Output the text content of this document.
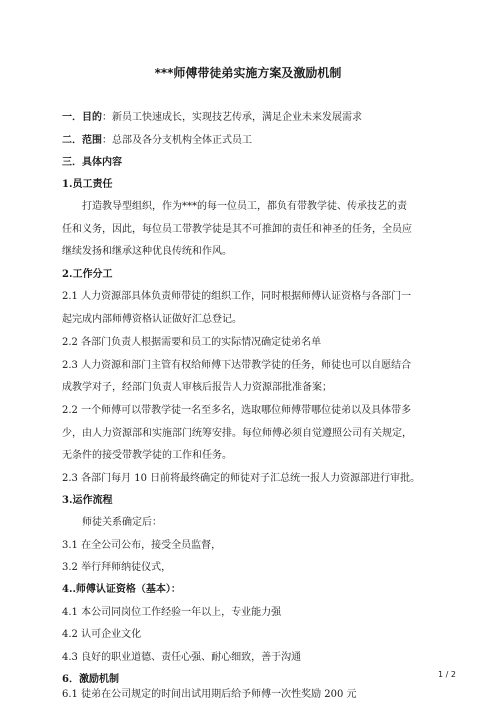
***师傅带徒弟实施方案及激励机制
一．目的：新员工快速成长，实现技艺传承，满足企业未来发展需求
二．范围：总部及各分支机构全体正式员工
三．具体内容
1.员工责任
打造教导型组织，作为***的每一位员工，都负有带教学徒、传承技艺的责
任和义务，因此，每位员工带教学徒是其不可推卸的责任和神圣的任务，全员应
继续发扬和继承这种优良传统和作风。
2.工作分工
2.1 人力资源部具体负责师带徒的组织工作，同时根据师傅认证资格与各部门一
起完成内部师傅资格认证做好汇总登记。
2.2 各部门负责人根据需要和员工的实际情况确定徒弟名单
2.3 人力资源和部门主管有权给师傅下达带教学徒的任务，师徒也可以自愿结合
成教学对子，经部门负责人审核后报告人力资源部批准备案；
2.2 一个师傅可以带教学徒一名至多名，选取哪位师傅带哪位徒弟以及具体带多
少，由人力资源部和实施部门统筹安排。每位师傅必须自觉遵照公司有关规定，
无条件的接受带教学徒的工作和任务。
2.3 各部门每月 10 日前将最终确定的师徒对子汇总统一报人力资源部进行审批。
3.运作流程
师徒关系确定后：
3.1 在全公司公布，接受全员监督，
3.2 举行拜师纳徒仪式，
4..师傅认证资格（基本）：
4.1 本公司同岗位工作经验一年以上，专业能力强
4.2 认可企业文化
4.3 良好的职业道德、责任心强、耐心细致，善于沟通
6．激励机制
6.1 徒弟在公司规定的时间出试用期后给予师傅一次性奖励 200 元
1 / 2
